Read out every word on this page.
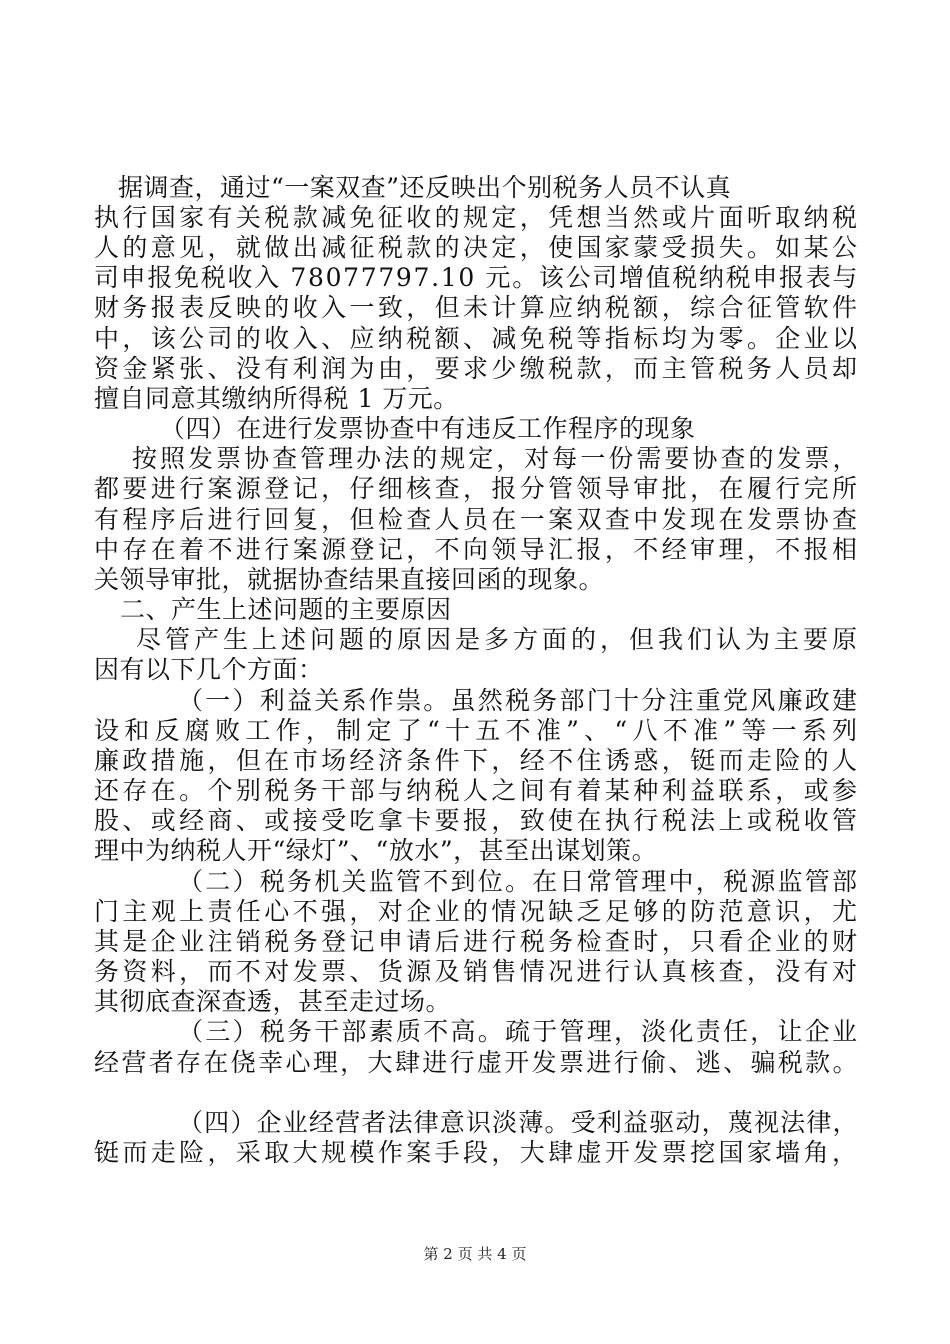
据调查，通过“一案双查”还反映出个别税务人员不认真
执行国家有关税款减免征收的规定，凭想当然或片面听取纳税
人的意见，就做出减征税款的决定，使国家蒙受损失。如某公
司申报免税收入 78077797.10 元。该公司增值税纳税申报表与
财务报表反映的收入一致，但未计算应纳税额，综合征管软件
中，该公司的收入、应纳税额、减免税等指标均为零。企业以
资金紧张、没有利润为由，要求少缴税款，而主管税务人员却
擅自同意其缴纳所得税 1 万元。
（四）在进行发票协查中有违反工作程序的现象
按照发票协查管理办法的规定，对每一份需要协查的发票，
都要进行案源登记，仔细核查，报分管领导审批，在履行完所
有程序后进行回复，但检查人员在一案双查中发现在发票协查
中存在着不进行案源登记，不向领导汇报，不经审理，不报相
关领导审批，就据协查结果直接回函的现象。
二、产生上述问题的主要原因
尽管产生上述问题的原因是多方面的，但我们认为主要原
因有以下几个方面：
（一）利益关系作祟。虽然税务部门十分注重党风廉政建
设和反腐败工作，制定了“十五不准”、“八不准”等一系列
廉政措施，但在市场经济条件下，经不住诱惑，铤而走险的人
还存在。个别税务干部与纳税人之间有着某种利益联系，或参
股、或经商、或接受吃拿卡要报，致使在执行税法上或税收管
理中为纳税人开“绿灯”、“放水”，甚至出谋划策。
（二）税务机关监管不到位。在日常管理中，税源监管部
门主观上责任心不强，对企业的情况缺乏足够的防范意识，尤
其是企业注销税务登记申请后进行税务检查时，只看企业的财
务资料，而不对发票、货源及销售情况进行认真核查，没有对
其彻底查深查透，甚至走过场。
（三）税务干部素质不高。疏于管理，淡化责任，让企业
经营者存在侥幸心理，大肆进行虚开发票进行偷、逃、骗税款。
（四）企业经营者法律意识淡薄。受利益驱动，蔑视法律，
铤而走险，采取大规模作案手段，大肆虚开发票挖国家墙角，
第 2 页 共 4 页
